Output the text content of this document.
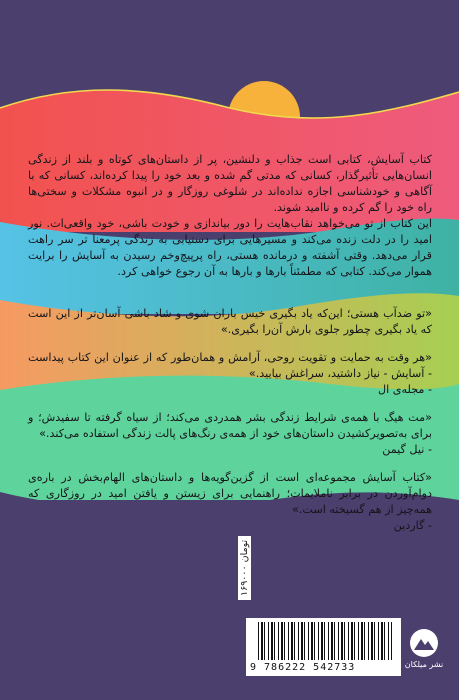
کتاب آسایش، کتابی است جذاب و دلنشین، پر از داستان‌های کوتاه و بلند از زندگی انسان‌هایی تأثیرگذار، کسانی که مدتی گم شده و بعد خود را پیدا کرده‌اند، کسانی که با آگاهی و خودشناسی اجازه نداده‌اند در شلوغی روزگار و در انبوه مشکلات و سختی‌ها راه خود را گم کرده و ناامید شوند.

این کتاب از تو می‌خواهد نقاب‌هایت را دور بیاندازی و خودت باشی، خود واقعی‌ات. نور امید را در دلت زنده می‌کند و مسیرهایی برای دستیابی به زندگی پرمعنا تر سر راهت قرار می‌دهد. وقتی آشفته و درمانده هستی، راه پرپیچ‌وخم رسیدن به آسایش را برایت هموار می‌کند. کتابی که مطمئناً بارها و بارها به آن رجوع خواهی کرد.

«تو ضدآب هستی؛ این‌که یاد بگیری خیس باران شوی و شاد باشی آسان‌تر از این است که یاد بگیری چطور جلوی بارش آن‌را بگیری.»

«هر وقت به حمایت و تقویت روحی، آرامش و همان‌طور که از عنوان این کتاب پیداست - آسایش - نیاز داشتید، سراغش بیایید.»

- مجله‌ی ال

«مت هیگ با همه‌ی شرایط زندگی بشر همدردی می‌کند؛ از سیاه گرفته تا سفیدش؛ و برای به‌تصویرکشیدن داستان‌های خود از همه‌ی رنگ‌های پالت زندگی استفاده می‌کند.»

- نیل گیمن

«کتاب آسایش مجموعه‌ای است از گزین‌گویه‌ها و داستان‌های الهام‌بخش در باره‌ی دوام‌آوردن در برابر ناملایمات؛ راهنمایی برای زیستن و یافتن امید در روزگاری که همه‌چیز از هم گسیخته است.»

- گاردین

۱۶۹۰۰۰ تومان
9 786222 542733	نشر میلکان
